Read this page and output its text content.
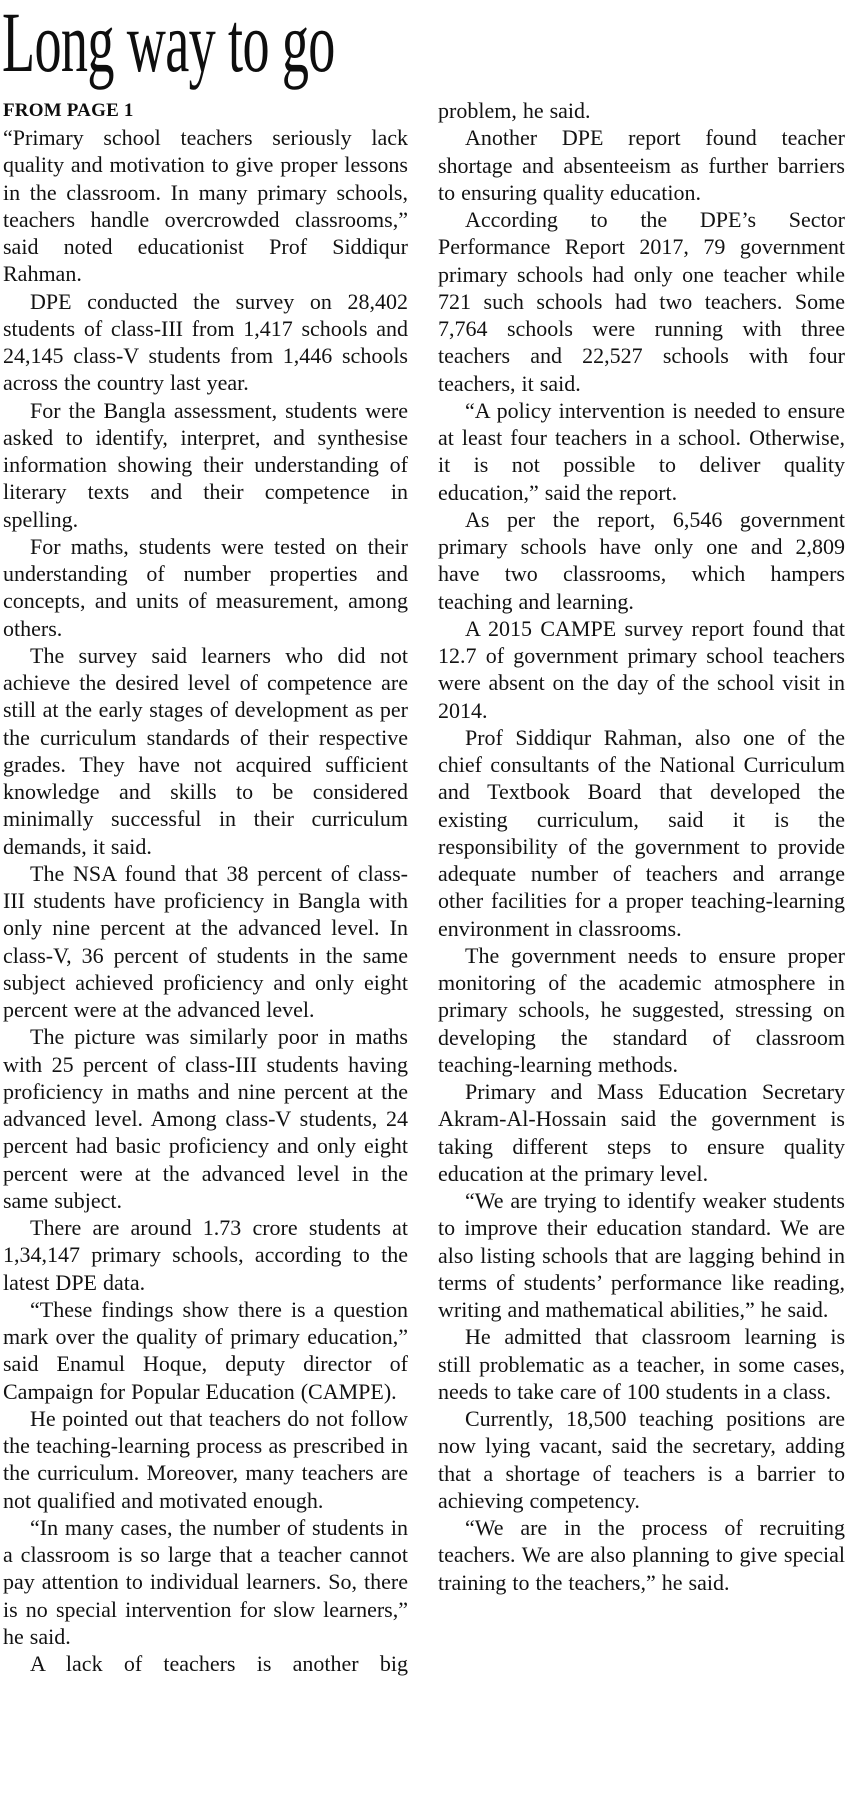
Long way to go
FROM PAGE 1

“Primary school teachers seriously lack quality and motivation to give proper lessons in the classroom. In many primary schools, teachers handle overcrowded classrooms,” said noted educationist Prof Siddiqur Rahman.

DPE conducted the survey on 28,402 students of class-III from 1,417 schools and 24,145 class-V students from 1,446 schools across the country last year.

For the Bangla assessment, students were asked to identify, interpret, and synthesise information showing their understanding of literary texts and their competence in spelling.

For maths, students were tested on their understanding of number properties and concepts, and units of measurement, among others.

The survey said learners who did not achieve the desired level of competence are still at the early stages of development as per the curriculum standards of their respective grades. They have not acquired sufficient knowledge and skills to be considered minimally successful in their curriculum demands, it said.

The NSA found that 38 percent of class-III students have proficiency in Bangla with only nine percent at the advanced level. In class-V, 36 percent of students in the same subject achieved proficiency and only eight percent were at the advanced level.

The picture was similarly poor in maths with 25 percent of class-III students having proficiency in maths and nine percent at the advanced level. Among class-V students, 24 percent had basic proficiency and only eight percent were at the advanced level in the same subject.

There are around 1.73 crore students at 1,34,147 primary schools, according to the latest DPE data.

“These findings show there is a question mark over the quality of primary education,” said Enamul Hoque, deputy director of Campaign for Popular Education (CAMPE).

He pointed out that teachers do not follow the teaching-learning process as prescribed in the curriculum. Moreover, many teachers are not qualified and motivated enough.

“In many cases, the number of students in a classroom is so large that a teacher cannot pay attention to individual learners. So, there is no special intervention for slow learners,” he said.

A lack of teachers is another big

problem, he said.

Another DPE report found teacher shortage and absenteeism as further barriers to ensuring quality education.

According to the DPE’s Sector Performance Report 2017, 79 government primary schools had only one teacher while 721 such schools had two teachers. Some 7,764 schools were running with three teachers and 22,527 schools with four teachers, it said.

“A policy intervention is needed to ensure at least four teachers in a school. Otherwise, it is not possible to deliver quality education,” said the report.

As per the report, 6,546 government primary schools have only one and 2,809 have two classrooms, which hampers teaching and learning.

A 2015 CAMPE survey report found that 12.7 of government primary school teachers were absent on the day of the school visit in 2014.

Prof Siddiqur Rahman, also one of the chief consultants of the National Curriculum and Textbook Board that developed the existing curriculum, said it is the responsibility of the government to provide adequate number of teachers and arrange other facilities for a proper teaching-learning environment in classrooms.

The government needs to ensure proper monitoring of the academic atmosphere in primary schools, he suggested, stressing on developing the standard of classroom teaching-learning methods.

Primary and Mass Education Secretary Akram-Al-Hossain said the government is taking different steps to ensure quality education at the primary level.

“We are trying to identify weaker students to improve their education standard. We are also listing schools that are lagging behind in terms of students’ performance like reading, writing and mathematical abilities,” he said.

He admitted that classroom learning is still problematic as a teacher, in some cases, needs to take care of 100 students in a class.

Currently, 18,500 teaching positions are now lying vacant, said the secretary, adding that a shortage of teachers is a barrier to achieving competency.

“We are in the process of recruiting teachers. We are also planning to give special training to the teachers,” he said.
